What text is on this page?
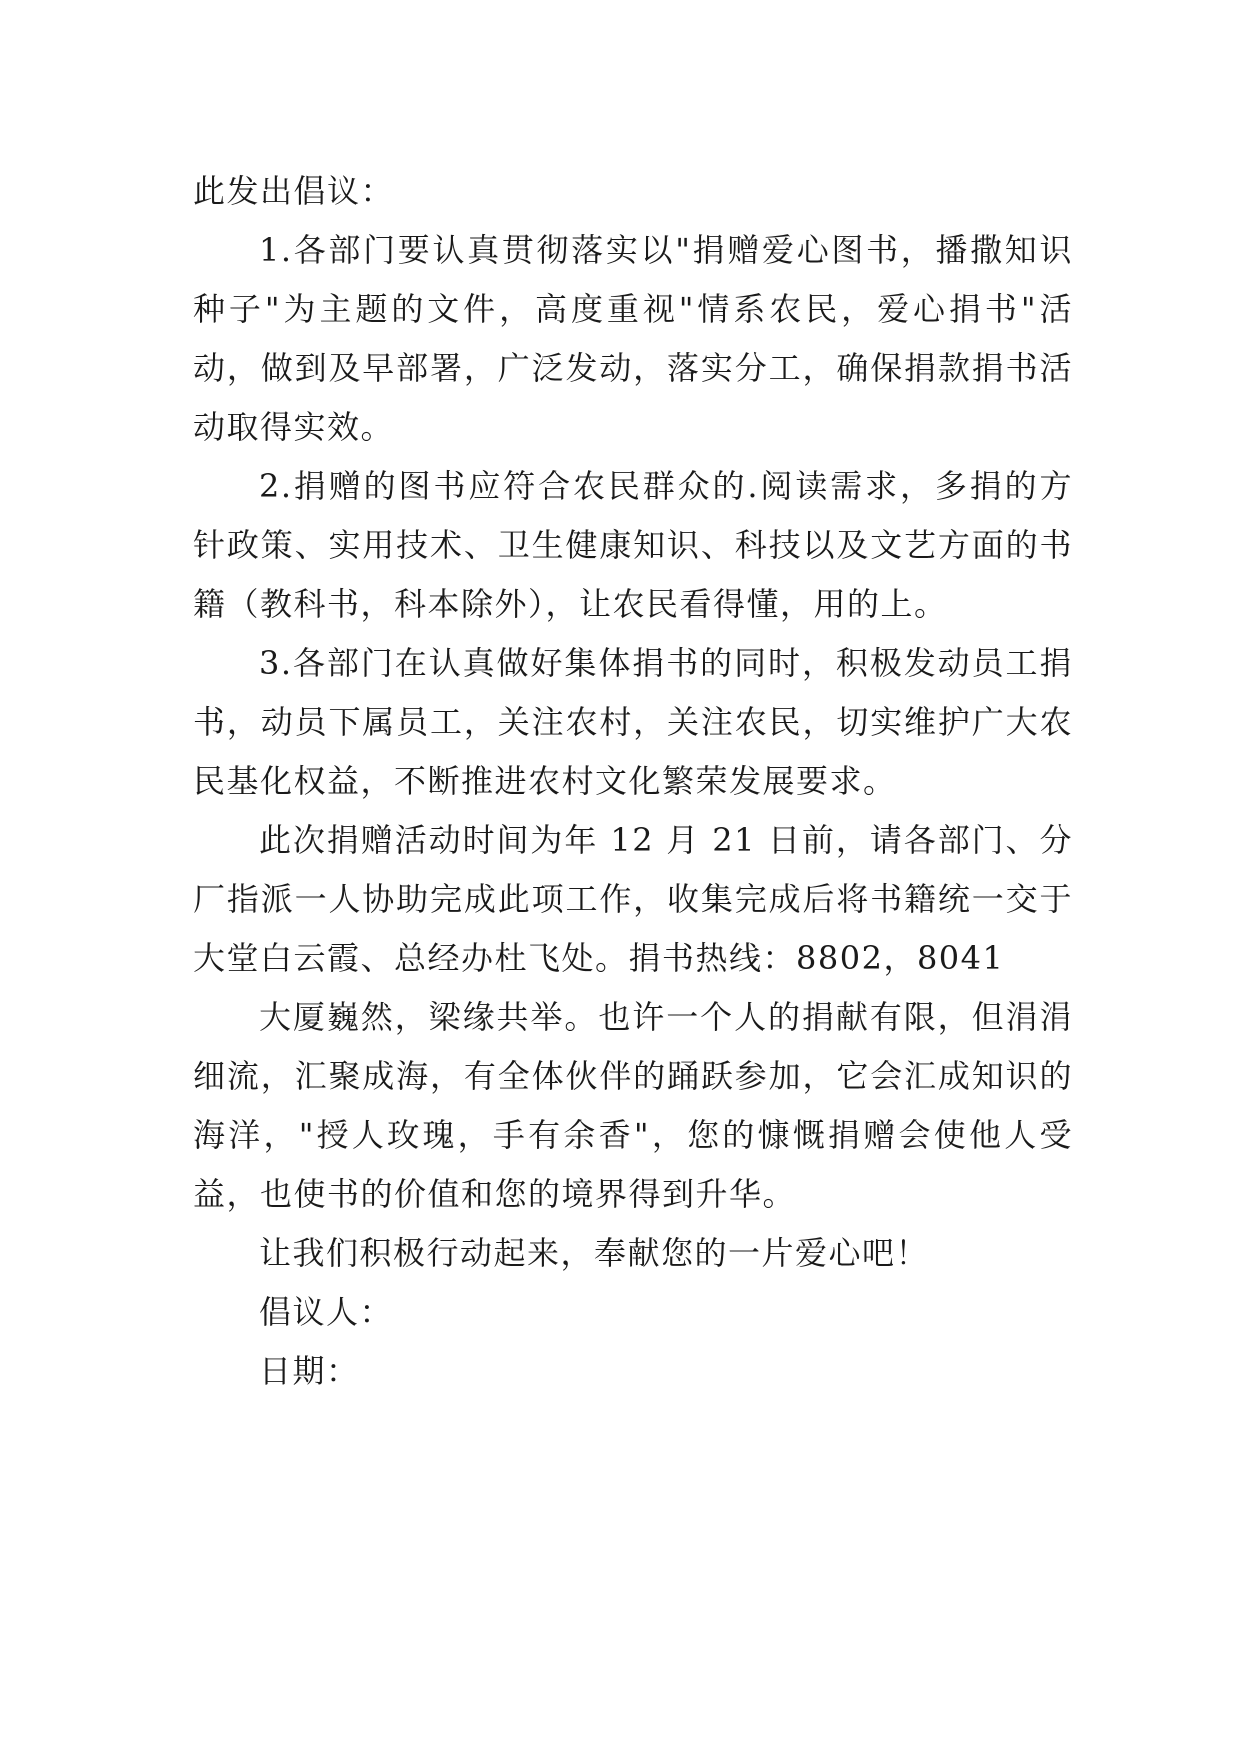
此发出倡议：

1.各部门要认真贯彻落实以"捐赠爱心图书，播撒知识种子"为主题的文件，高度重视"情系农民，爱心捐书"活动，做到及早部署，广泛发动，落实分工，确保捐款捐书活动取得实效。

2.捐赠的图书应符合农民群众的.阅读需求，多捐的方针政策、实用技术、卫生健康知识、科技以及文艺方面的书籍（教科书，科本除外），让农民看得懂，用的上。

3.各部门在认真做好集体捐书的同时，积极发动员工捐书，动员下属员工，关注农村，关注农民，切实维护广大农民基化权益，不断推进农村文化繁荣发展要求。

此次捐赠活动时间为年 12 月 21 日前，请各部门、分厂指派一人协助完成此项工作，收集完成后将书籍统一交于大堂白云霞、总经办杜飞处。捐书热线：8802，8041

大厦巍然，梁缘共举。也许一个人的捐献有限，但涓涓细流，汇聚成海，有全体伙伴的踊跃参加，它会汇成知识的海洋，"授人玫瑰，手有余香"，您的慷慨捐赠会使他人受益，也使书的价值和您的境界得到升华。

让我们积极行动起来，奉献您的一片爱心吧！

倡议人：

日期：
